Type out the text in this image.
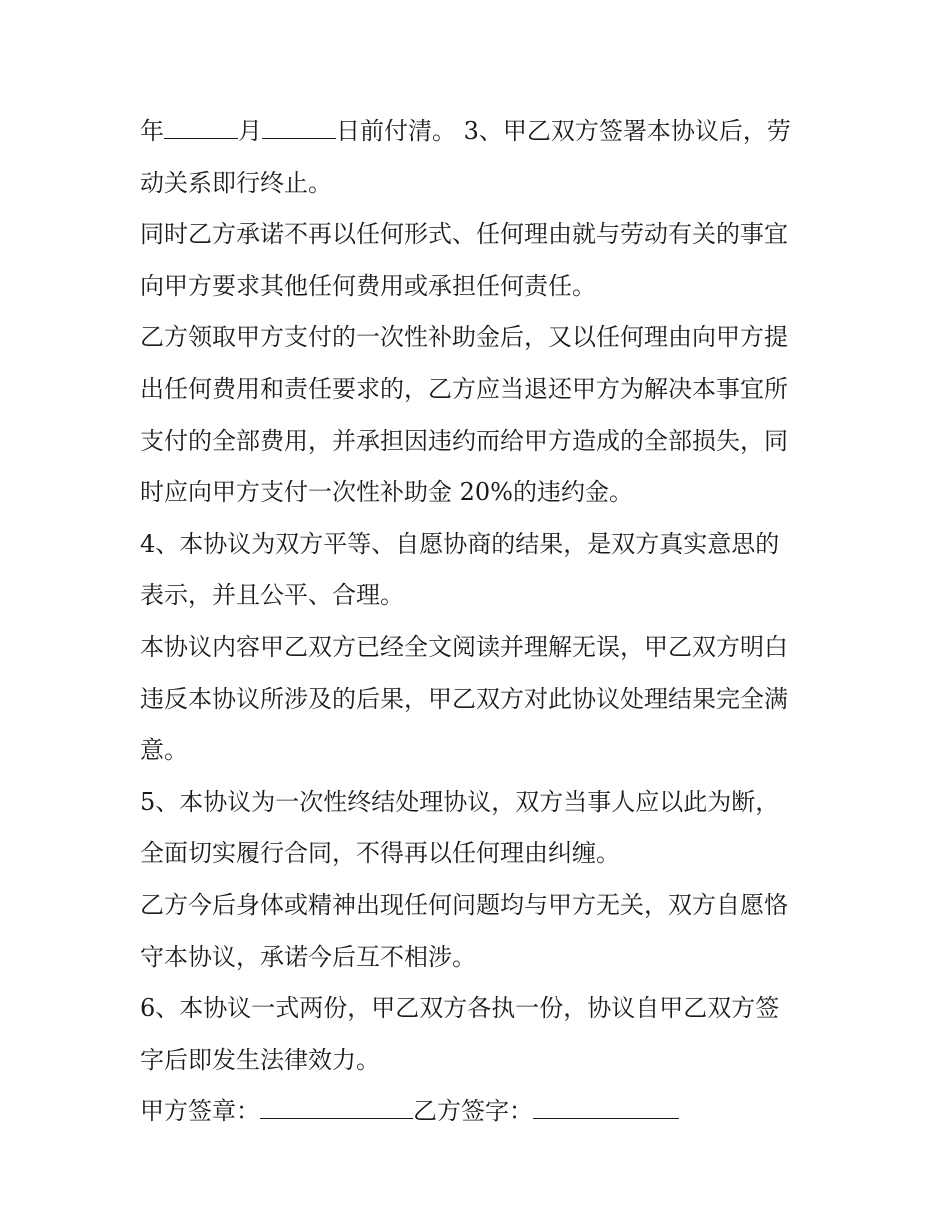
年	月	日前付清。 3、甲乙双方签署本协议后，劳
动关系即行终止。
同时乙方承诺不再以任何形式、任何理由就与劳动有关的事宜
向甲方要求其他任何费用或承担任何责任。
乙方领取甲方支付的一次性补助金后，又以任何理由向甲方提
出任何费用和责任要求的，乙方应当退还甲方为解决本事宜所
支付的全部费用，并承担因违约而给甲方造成的全部损失，同
时应向甲方支付一次性补助金 20%的违约金。
4、本协议为双方平等、自愿协商的结果，是双方真实意思的
表示，并且公平、合理。
本协议内容甲乙双方已经全文阅读并理解无误，甲乙双方明白
违反本协议所涉及的后果，甲乙双方对此协议处理结果完全满
意。
5、本协议为一次性终结处理协议，双方当事人应以此为断，
全面切实履行合同，不得再以任何理由纠缠。
乙方今后身体或精神出现任何问题均与甲方无关，双方自愿恪
守本协议，承诺今后互不相涉。
6、本协议一式两份，甲乙双方各执一份，协议自甲乙双方签
字后即发生法律效力。
甲方签章：	乙方签字：
